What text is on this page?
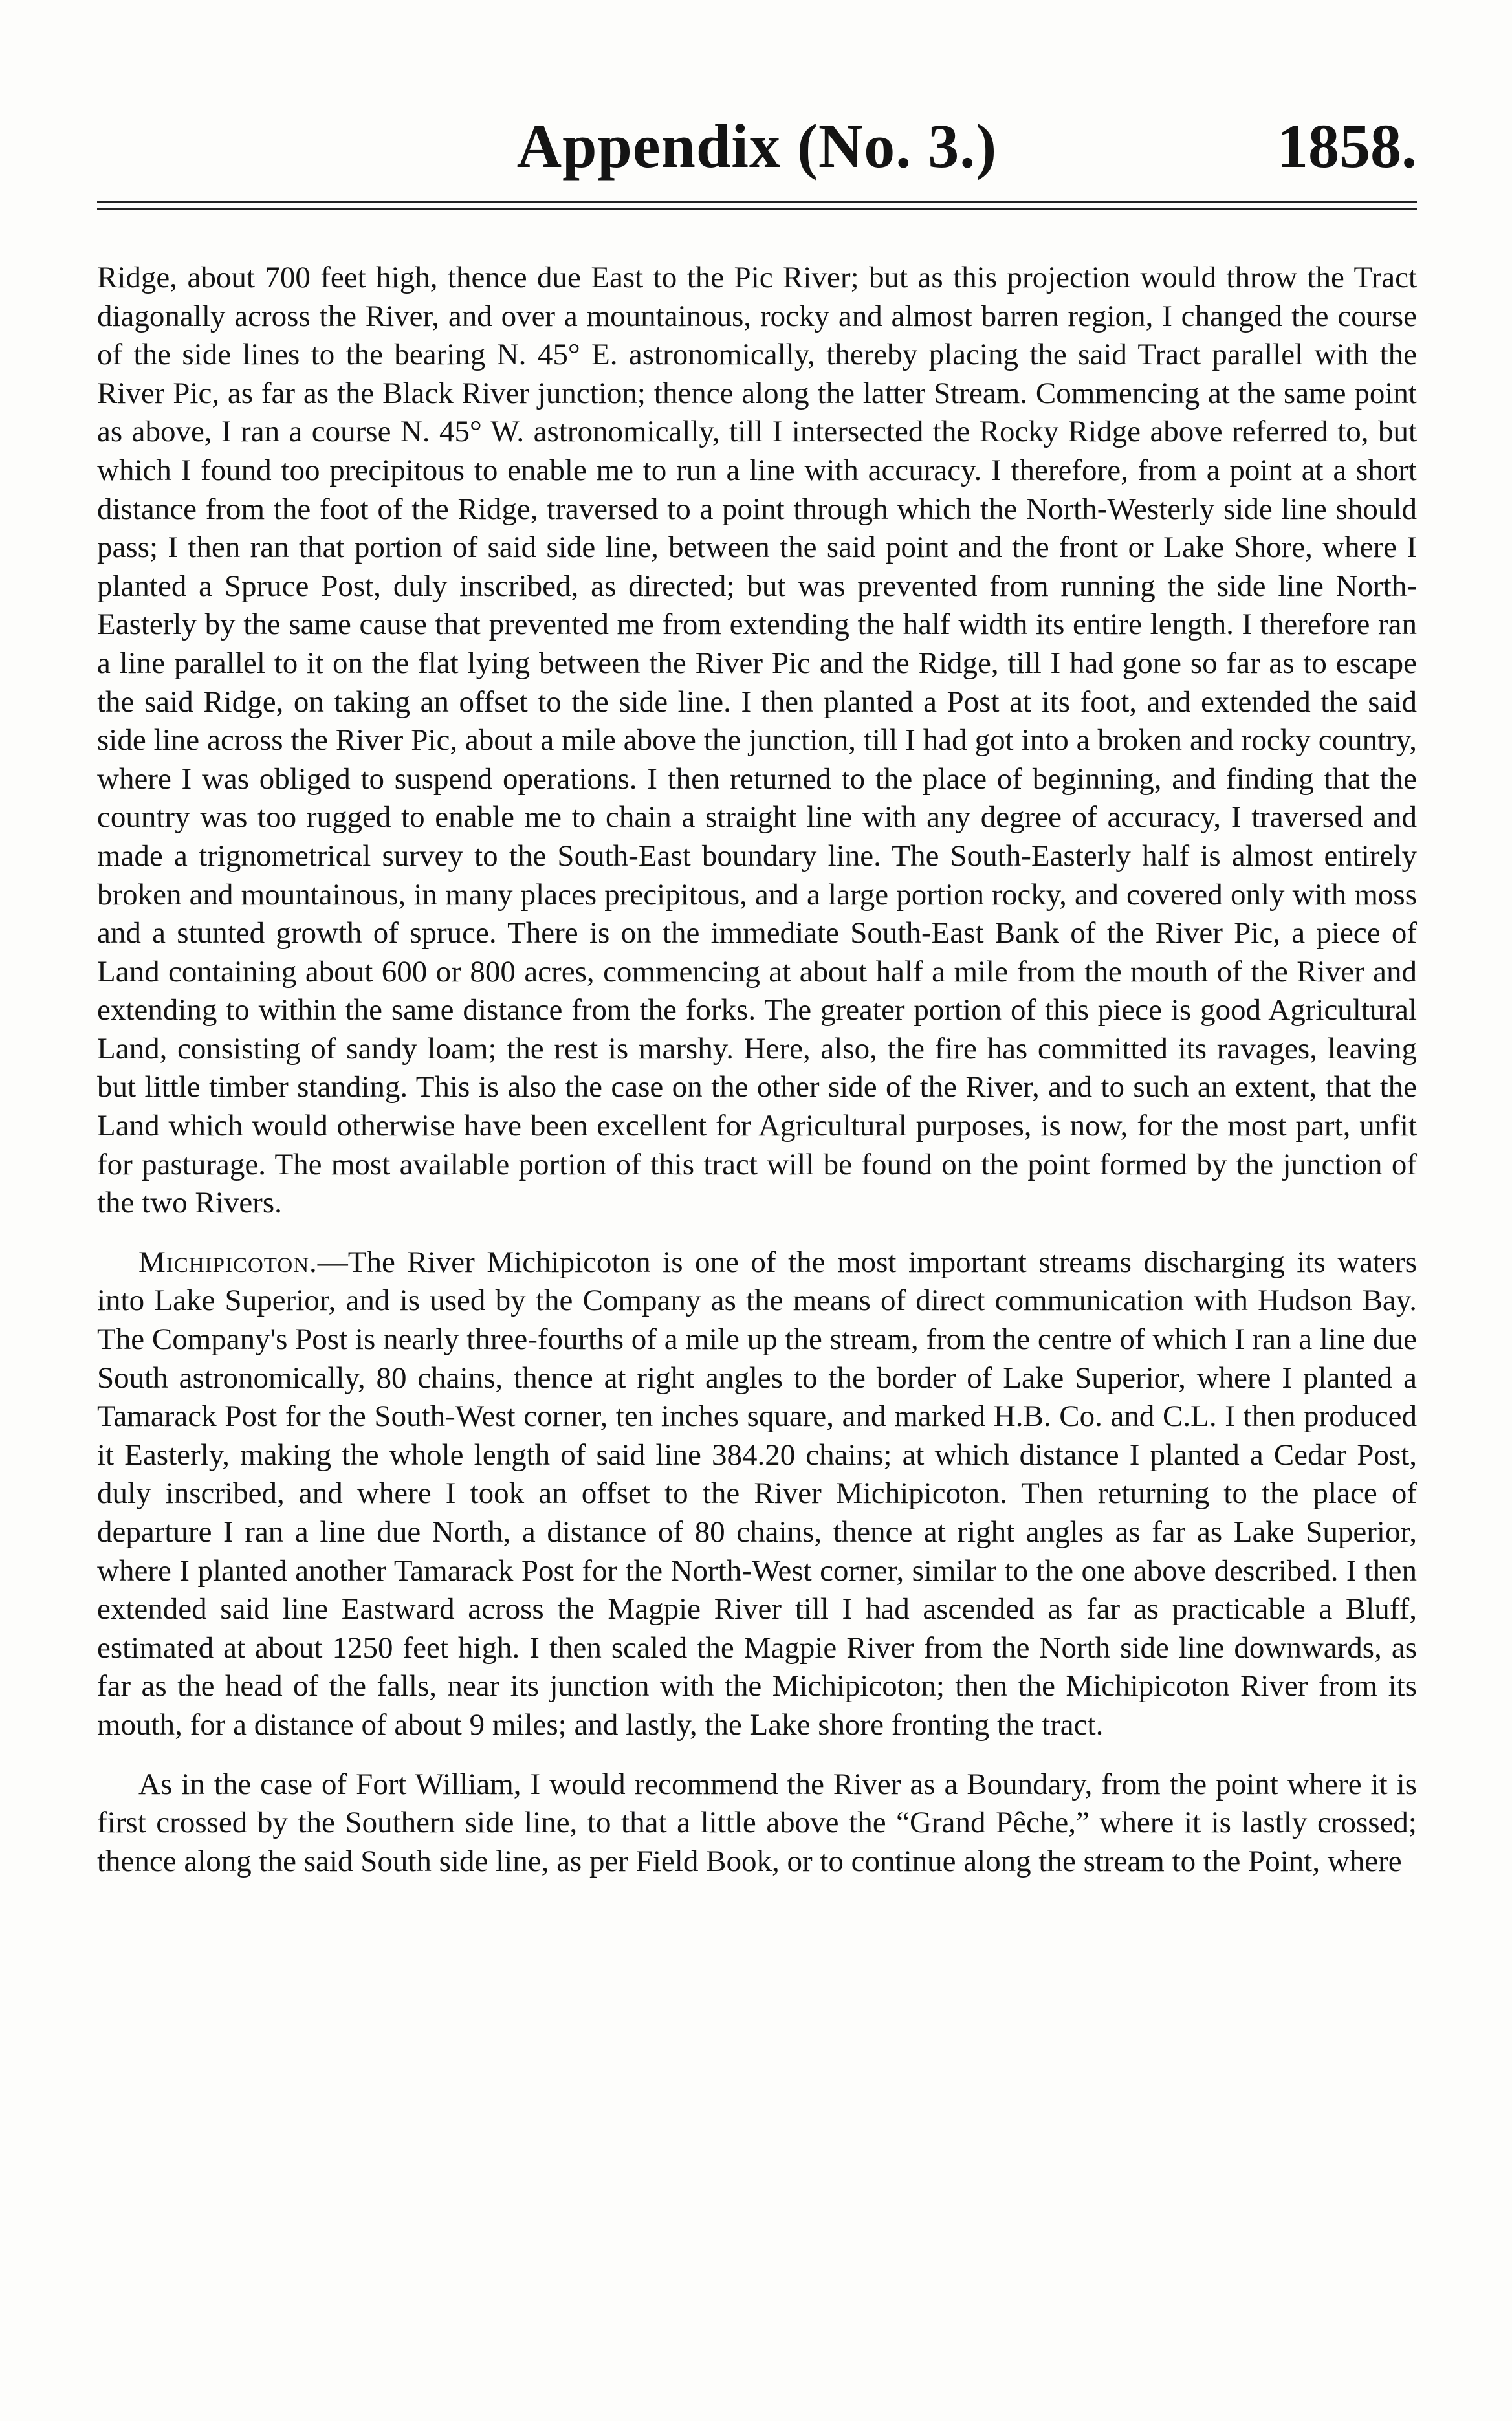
Appendix (No. 3.)	1858.

Ridge, about 700 feet high, thence due East to the Pic River; but as this projection would throw the Tract diagonally across the River, and over a mountainous, rocky and almost barren region, I changed the course of the side lines to the bearing N. 45° E. astronomically, thereby placing the said Tract parallel with the River Pic, as far as the Black River junction; thence along the latter Stream. Commencing at the same point as above, I ran a course N. 45° W. astronomically, till I intersected the Rocky Ridge above referred to, but which I found too precipitous to enable me to run a line with accuracy. I therefore, from a point at a short distance from the foot of the Ridge, traversed to a point through which the North-Westerly side line should pass; I then ran that portion of said side line, between the said point and the front or Lake Shore, where I planted a Spruce Post, duly inscribed, as directed; but was prevented from running the side line North-Easterly by the same cause that prevented me from extending the half width its entire length. I therefore ran a line parallel to it on the flat lying between the River Pic and the Ridge, till I had gone so far as to escape the said Ridge, on taking an offset to the side line. I then planted a Post at its foot, and extended the said side line across the River Pic, about a mile above the junction, till I had got into a broken and rocky country, where I was obliged to suspend operations. I then returned to the place of beginning, and finding that the country was too rugged to enable me to chain a straight line with any degree of accuracy, I traversed and made a trignometrical survey to the South-East boundary line. The South-Easterly half is almost entirely broken and mountainous, in many places precipitous, and a large portion rocky, and covered only with moss and a stunted growth of spruce. There is on the immediate South-East Bank of the River Pic, a piece of Land containing about 600 or 800 acres, commencing at about half a mile from the mouth of the River and extending to within the same distance from the forks. The greater portion of this piece is good Agricultural Land, consisting of sandy loam; the rest is marshy. Here, also, the fire has committed its ravages, leaving but little timber standing. This is also the case on the other side of the River, and to such an extent, that the Land which would otherwise have been excellent for Agricultural purposes, is now, for the most part, unfit for pasturage. The most available portion of this tract will be found on the point formed by the junction of the two Rivers.

Michipicoton.—The River Michipicoton is one of the most important streams discharging its waters into Lake Superior, and is used by the Company as the means of direct communication with Hudson Bay. The Company's Post is nearly three-fourths of a mile up the stream, from the centre of which I ran a line due South astronomically, 80 chains, thence at right angles to the border of Lake Superior, where I planted a Tamarack Post for the South-West corner, ten inches square, and marked H.B. Co. and C.L. I then produced it Easterly, making the whole length of said line 384.20 chains; at which distance I planted a Cedar Post, duly inscribed, and where I took an offset to the River Michipicoton. Then returning to the place of departure I ran a line due North, a distance of 80 chains, thence at right angles as far as Lake Superior, where I planted another Tamarack Post for the North-West corner, similar to the one above described. I then extended said line Eastward across the Magpie River till I had ascended as far as practicable a Bluff, estimated at about 1250 feet high. I then scaled the Magpie River from the North side line downwards, as far as the head of the falls, near its junction with the Michipicoton; then the Michipicoton River from its mouth, for a distance of about 9 miles; and lastly, the Lake shore fronting the tract.

As in the case of Fort William, I would recommend the River as a Boundary, from the point where it is first crossed by the Southern side line, to that a little above the “Grand Pêche,” where it is lastly crossed; thence along the said South side line, as per Field Book, or to continue along the stream to the Point, where
